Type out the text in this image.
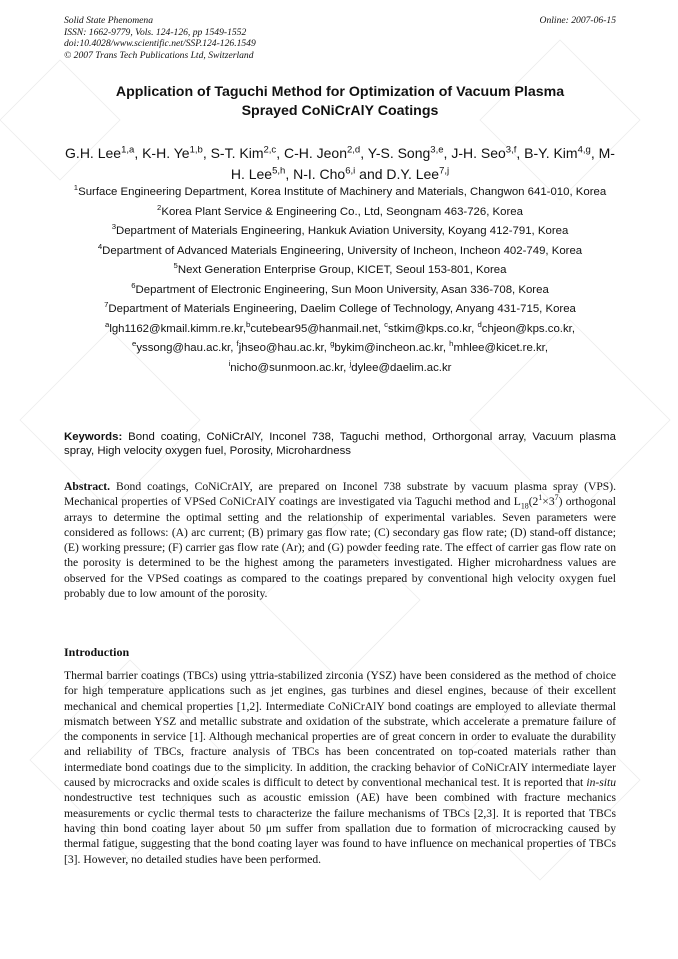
Solid State Phenomena
ISSN: 1662-9779, Vols. 124-126, pp 1549-1552
doi:10.4028/www.scientific.net/SSP.124-126.1549
© 2007 Trans Tech Publications Ltd, Switzerland
Online: 2007-06-15
Application of Taguchi Method for Optimization of Vacuum Plasma
Sprayed CoNiCrAlY Coatings
G.H. Lee$^{1,a}$, K-H. Ye$^{1,b}$, S-T. Kim$^{2,c}$, C-H. Jeon$^{2,d}$, Y-S. Song$^{3,e}$, J-H. Seo$^{3,f}$, B-Y. Kim$^{4,g}$, M-H. Lee$^{5,h}$, N-I. Cho$^{6,i}$ and D.Y. Lee$^{7,j}$
$^1$Surface Engineering Department, Korea Institute of Machinery and Materials, Changwon 641-010, Korea
$^2$Korea Plant Service & Engineering Co., Ltd, Seongnam 463-726, Korea
$^3$Department of Materials Engineering, Hankuk Aviation University, Koyang 412-791, Korea
$^4$Department of Advanced Materials Engineering, University of Incheon, Incheon 402-749, Korea
$^5$Next Generation Enterprise Group, KICET, Seoul 153-801, Korea
$^6$Department of Electronic Engineering, Sun Moon University, Asan 336-708, Korea
$^7$Department of Materials Engineering, Daelim College of Technology, Anyang 431-715, Korea
$^a$lgh1162@kmail.kimm.re.kr,$^b$cutebear95@hanmail.net, $^c$stkim@kps.co.kr, $^d$chjeon@kps.co.kr,
$^e$yssong@hau.ac.kr, $^f$jhseo@hau.ac.kr, $^g$bykim@incheon.ac.kr, $^h$mhlee@kicet.re.kr,
$^i$nicho@sunmoon.ac.kr, $^j$dylee@daelim.ac.kr
Keywords: Bond coating, CoNiCrAlY, Inconel 738, Taguchi method, Orthorgonal array, Vacuum plasma spray, High velocity oxygen fuel, Porosity, Microhardness
Abstract. Bond coatings, CoNiCrAlY, are prepared on Inconel 738 substrate by vacuum plasma spray (VPS). Mechanical properties of VPSed CoNiCrAlY coatings are investigated via Taguchi method and $L_{18}(2^1\times 3^7)$ orthogonal arrays to determine the optimal setting and the relationship of experimental variables. Seven parameters were considered as follows: (A) arc current; (B) primary gas flow rate; (C) secondary gas flow rate; (D) stand-off distance; (E) working pressure; (F) carrier gas flow rate (Ar); and (G) powder feeding rate. The effect of carrier gas flow rate on the porosity is determined to be the highest among the parameters investigated. Higher microhardness values are observed for the VPSed coatings as compared to the coatings prepared by conventional high velocity oxygen fuel probably due to low amount of the porosity.
Introduction
Thermal barrier coatings (TBCs) using yttria-stabilized zirconia (YSZ) have been considered as the method of choice for high temperature applications such as jet engines, gas turbines and diesel engines, because of their excellent mechanical and chemical properties [1,2]. Intermediate CoNiCrAlY bond coatings are employed to alleviate thermal mismatch between YSZ and metallic substrate and oxidation of the substrate, which accelerate a premature failure of the components in service [1]. Although mechanical properties are of great concern in order to evaluate the durability and reliability of TBCs, fracture analysis of TBCs has been concentrated on top-coated materials rather than intermediate bond coatings due to the simplicity. In addition, the cracking behavior of CoNiCrAlY intermediate layer caused by microcracks and oxide scales is difficult to detect by conventional mechanical test. It is reported that in-situ nondestructive test techniques such as acoustic emission (AE) have been combined with fracture mechanics measurements or cyclic thermal tests to characterize the failure mechanisms of TBCs [2,3]. It is reported that TBCs having thin bond coating layer about 50 μm suffer from spallation due to formation of microcracking caused by thermal fatigue, suggesting that the bond coating layer was found to have influence on mechanical properties of TBCs [3]. However, no detailed studies have been performed.
